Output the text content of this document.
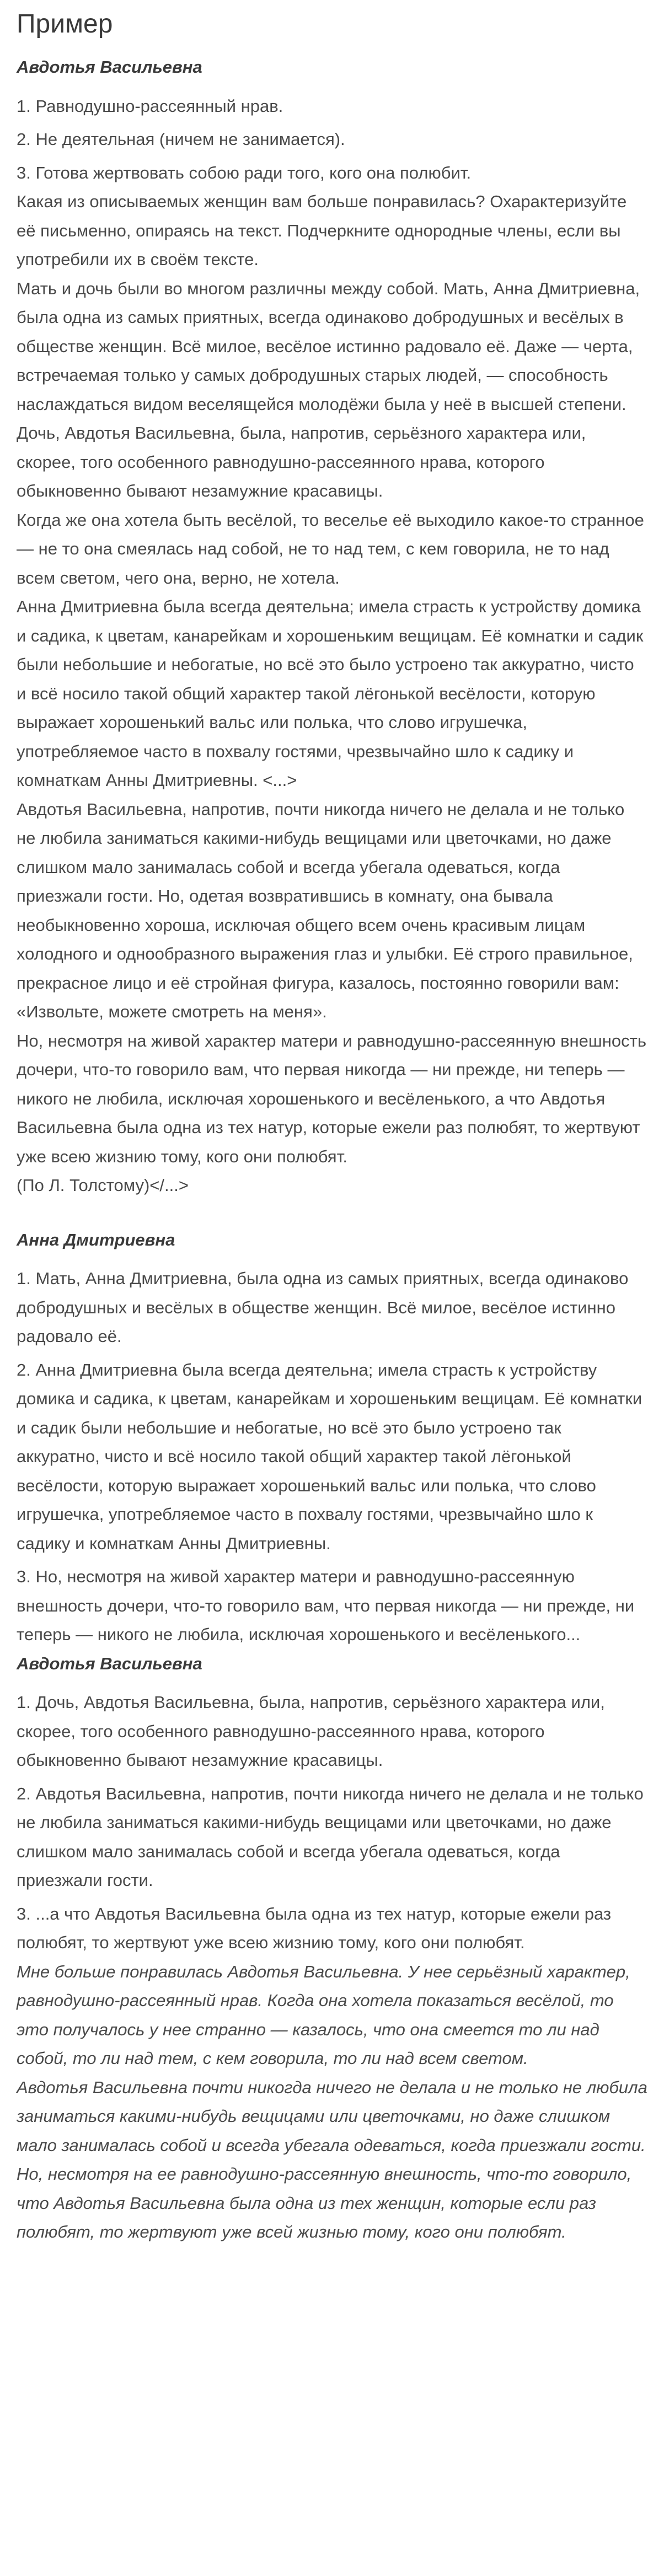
Пример

Авдотья Васильевна

1. Равнодушно-рассеянный нрав.

2. Не деятельная (ничем не занимается).

3. Готова жертвовать собою ради того, кого она полюбит.

Какая из описываемых женщин вам больше понравилась? Охарактеризуйте её письменно, опираясь на текст. Подчеркните однородные члены, если вы употребили их в своём тексте.

Мать и дочь были во многом различны между собой. Мать, Анна Дмитриевна, была одна из самых приятных, всегда одинаково добродушных и весёлых в обществе женщин. Всё милое, весёлое истинно радовало её. Даже — черта, встречаемая только у самых добродушных старых людей, — способность наслаждаться видом веселящейся молодёжи была у неё в высшей степени. Дочь, Авдотья Васильевна, была, напротив, серьёзного характера или, скорее, того особенного равнодушно-рассеянного нрава, которого обыкновенно бывают незамужние красавицы.

Когда же она хотела быть весёлой, то веселье её выходило какое-то странное — не то она смеялась над собой, не то над тем, с кем говорила, не то над всем светом, чего она, верно, не хотела.

Анна Дмитриевна была всегда деятельна; имела страсть к устройству домика и садика, к цветам, канарейкам и хорошеньким вещицам. Её комнатки и садик были небольшие и небогатые, но всё это было устроено так аккуратно, чисто и всё носило такой общий характер такой лёгонькой весёлости, которую выражает хорошенький вальс или полька, что слово игрушечка, употребляемое часто в похвалу гостями, чрезвычайно шло к садику и комнаткам Анны Дмитриевны. <...>

Авдотья Васильевна, напротив, почти никогда ничего не делала и не только не любила заниматься какими-нибудь вещицами или цветочками, но даже слишком мало занималась собой и всегда убегала одеваться, когда приезжали гости. Но, одетая возвратившись в комнату, она бывала необыкновенно хороша, исключая общего всем очень красивым лицам холодного и однообразного выражения глаз и улыбки. Её строго правильное, прекрасное лицо и её стройная фигура, казалось, постоянно говорили вам: «Извольте, можете смотреть на меня».

Но, несмотря на живой характер матери и равнодушно-рассеянную внешность дочери, что-то говорило вам, что первая никогда — ни прежде, ни теперь — никого не любила, исключая хорошенького и весёленького, а что Авдотья Васильевна была одна из тех натур, которые ежели раз полюбят, то жертвуют уже всею жизнию тому, кого они полюбят.

(По Л. Толстому)</...>

Анна Дмитриевна

1. Мать, Анна Дмитриевна, была одна из самых приятных, всегда одинаково добродушных и весёлых в обществе женщин. Всё милое, весёлое истинно радовало её.

2. Анна Дмитриевна была всегда деятельна; имела страсть к устройству домика и садика, к цветам, канарейкам и хорошеньким вещицам. Её комнатки и садик были небольшие и небогатые, но всё это было устроено так аккуратно, чисто и всё носило такой общий характер такой лёгонькой весёлости, которую выражает хорошенький вальс или полька, что слово игрушечка, употребляемое часто в похвалу гостями, чрезвычайно шло к садику и комнаткам Анны Дмитриевны.

3. Но, несмотря на живой характер матери и равнодушно-рассеянную внешность дочери, что-то говорило вам, что первая никогда — ни прежде, ни теперь — никого не любила, исключая хорошенького и весёленького...

Авдотья Васильевна

1. Дочь, Авдотья Васильевна, была, напротив, серьёзного характера или, скорее, того особенного равнодушно-рассеянного нрава, которого обыкновенно бывают незамужние красавицы.

2. Авдотья Васильевна, напротив, почти никогда ничего не делала и не только не любила заниматься какими-нибудь вещицами или цветочками, но даже слишком мало занималась собой и всегда убегала одеваться, когда приезжали гости.

3. ...а что Авдотья Васильевна была одна из тех натур, которые ежели раз полюбят, то жертвуют уже всею жизнию тому, кого они полюбят.

Мне больше понравилась Авдотья Васильевна. У нее серьёзный характер, равнодушно-рассеянный нрав. Когда она хотела показаться весёлой, то это получалось у нее странно — казалось, что она смеется то ли над собой, то ли над тем, с кем говорила, то ли над всем светом.

Авдотья Васильевна почти никогда ничего не делала и не только не любила заниматься какими-нибудь вещицами или цветочками, но даже слишком мало занималась собой и всегда убегала одеваться, когда приезжали гости.

Но, несмотря на ее равнодушно-рассеянную внешность, что-то говорило, что Авдотья Васильевна была одна из тех женщин, которые если раз полюбят, то жертвуют уже всей жизнью тому, кого они полюбят.
